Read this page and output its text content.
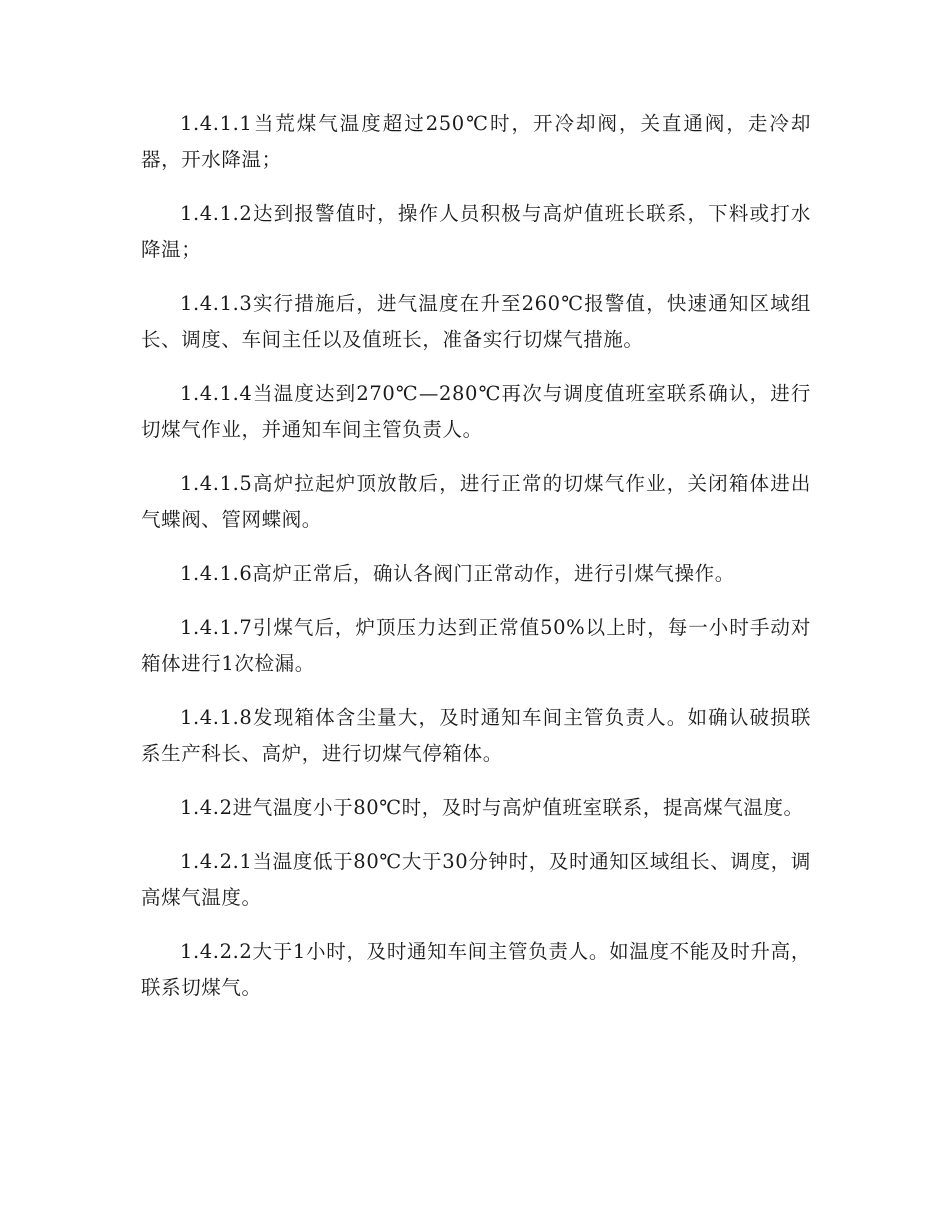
1.4.1.1当荒煤气温度超过250℃时，开冷却阀，关直通阀，走冷却器，开水降温；

1.4.1.2达到报警值时，操作人员积极与高炉值班长联系，下料或打水降温；

1.4.1.3实行措施后，进气温度在升至260℃报警值，快速通知区域组长、调度、车间主任以及值班长，准备实行切煤气措施。

1.4.1.4当温度达到270℃—280℃再次与调度值班室联系确认，进行切煤气作业，并通知车间主管负责人。

1.4.1.5高炉拉起炉顶放散后，进行正常的切煤气作业，关闭箱体进出气蝶阀、管网蝶阀。

1.4.1.6高炉正常后，确认各阀门正常动作，进行引煤气操作。

1.4.1.7引煤气后，炉顶压力达到正常值50%以上时，每一小时手动对箱体进行1次检漏。

1.4.1.8发现箱体含尘量大，及时通知车间主管负责人。如确认破损联系生产科长、高炉，进行切煤气停箱体。

1.4.2进气温度小于80℃时，及时与高炉值班室联系，提高煤气温度。

1.4.2.1当温度低于80℃大于30分钟时，及时通知区域组长、调度，调高煤气温度。

1.4.2.2大于1小时，及时通知车间主管负责人。如温度不能及时升高，联系切煤气。
